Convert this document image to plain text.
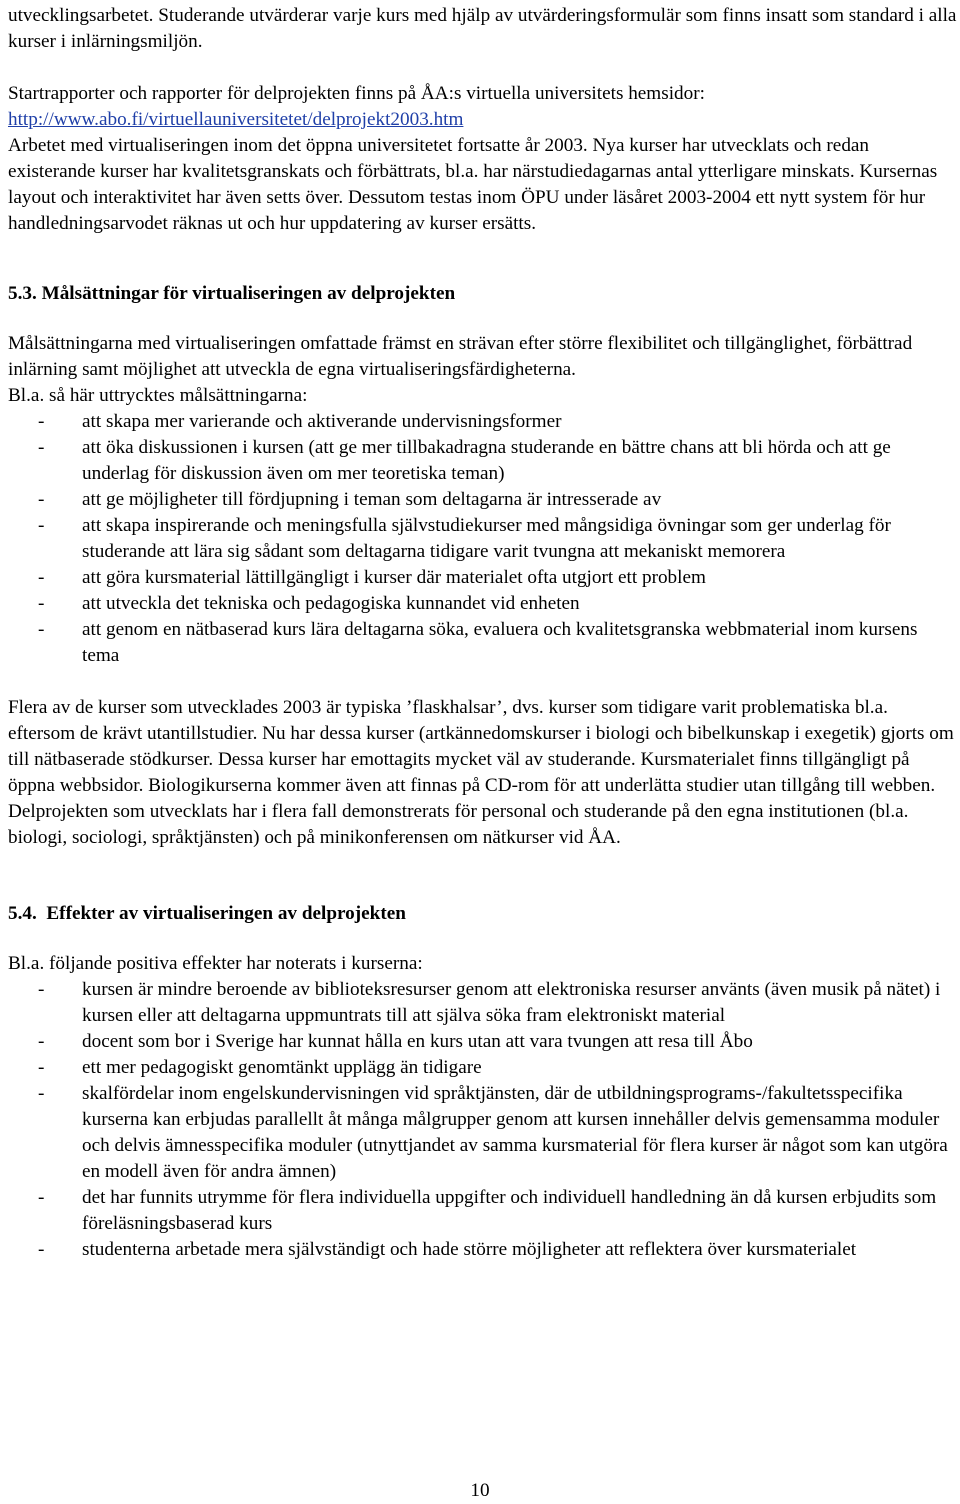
utvecklingsarbetet. Studerande utvärderar varje kurs med hjälp av utvärderingsformulär som finns insatt som standard i alla kurser i inlärningsmiljön.

Startrapporter och rapporter för delprojekten finns på ÅA:s virtuella universitets hemsidor: http://www.abo.fi/virtuellauniversitetet/delprojekt2003.htm

Arbetet med virtualiseringen inom det öppna universitetet fortsatte år 2003. Nya kurser har utvecklats och redan existerande kurser har kvalitetsgranskats och förbättrats, bl.a. har närstudiedagarnas antal ytterligare minskats. Kursernas layout och interaktivitet har även setts över. Dessutom testas inom ÖPU under läsåret 2003-2004 ett nytt system för hur handledningsarvodet räknas ut och hur uppdatering av kurser ersätts.

5.3. Målsättningar för virtualiseringen av delprojekten

Målsättningarna med virtualiseringen omfattade främst en strävan efter större flexibilitet och tillgänglighet, förbättrad inlärning samt möjlighet att utveckla de egna virtualiseringsfärdigheterna.

Bl.a. så här uttrycktes målsättningarna:

- att skapa mer varierande och aktiverande undervisningsformer
- att öka diskussionen i kursen (att ge mer tillbakadragna studerande en bättre chans att bli hörda och att ge underlag för diskussion även om mer teoretiska teman)
- att ge möjligheter till fördjupning i teman som deltagarna är intresserade av
- att skapa inspirerande och meningsfulla självstudiekurser med mångsidiga övningar som ger underlag för studerande att lära sig sådant som deltagarna tidigare varit tvungna att mekaniskt memorera
- att göra kursmaterial lättillgängligt i kurser där materialet ofta utgjort ett problem
- att utveckla det tekniska och pedagogiska kunnandet vid enheten
- att genom en nätbaserad kurs lära deltagarna söka, evaluera och kvalitetsgranska webbmaterial inom kursens tema

Flera av de kurser som utvecklades 2003 är typiska ’flaskhalsar’, dvs. kurser som tidigare varit problematiska bl.a. eftersom de krävt utantillstudier. Nu har dessa kurser (artkännedomskurser i biologi och bibelkunskap i exegetik) gjorts om till nätbaserade stödkurser. Dessa kurser har emottagits mycket väl av studerande. Kursmaterialet finns tillgängligt på öppna webbsidor. Biologikurserna kommer även att finnas på CD-rom för att underlätta studier utan tillgång till webben.

Delprojekten som utvecklats har i flera fall demonstrerats för personal och studerande på den egna institutionen (bl.a. biologi, sociologi, språktjänsten) och på minikonferensen om nätkurser vid ÅA.

5.4.  Effekter av virtualiseringen av delprojekten

Bl.a. följande positiva effekter har noterats i kurserna:

- kursen är mindre beroende av biblioteksresurser genom att elektroniska resurser använts (även musik på nätet) i kursen eller att deltagarna uppmuntrats till att själva söka fram elektroniskt material
- docent som bor i Sverige har kunnat hålla en kurs utan att vara tvungen att resa till Åbo
- ett mer pedagogiskt genomtänkt upplägg än tidigare
- skalfördelar inom engelskundervisningen vid språktjänsten, där de utbildningsprograms-/fakultetsspecifika kurserna kan erbjudas parallellt åt många målgrupper genom att kursen innehåller delvis gemensamma moduler och delvis ämnesspecifika moduler (utnyttjandet av samma kursmaterial för flera kurser är något som kan utgöra en modell även för andra ämnen)
- det har funnits utrymme för flera individuella uppgifter och individuell handledning än då kursen erbjudits som föreläsningsbaserad kurs
- studenterna arbetade mera självständigt och hade större möjligheter att reflektera över kursmaterialet
10
